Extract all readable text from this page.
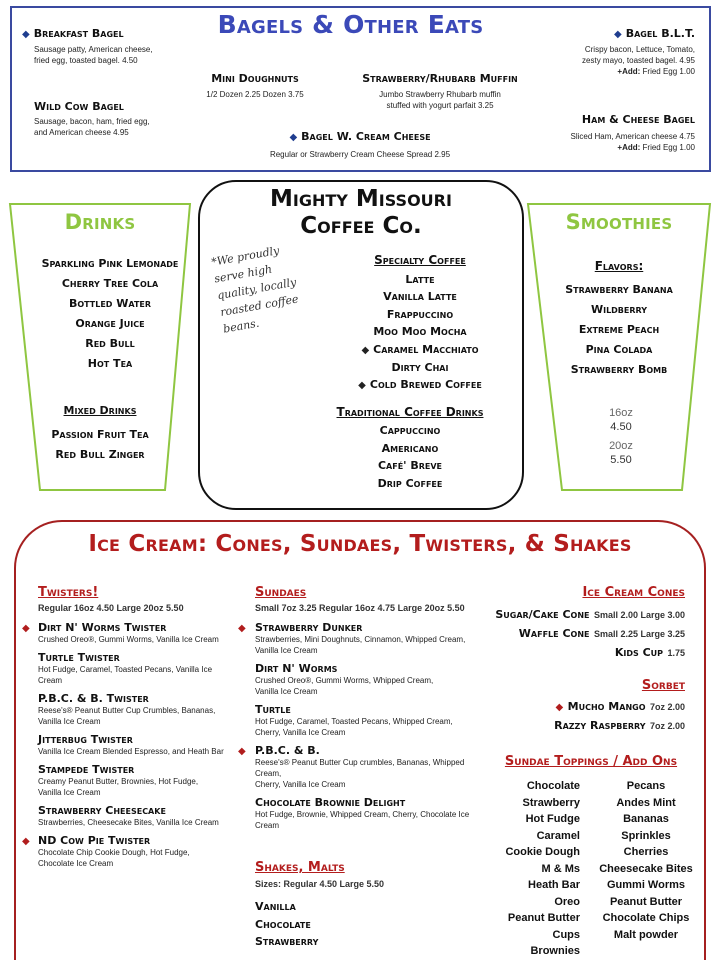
Bagels & Other Eats
◆ Breakfast Bagel
Sausage patty, American cheese,
fried egg, toasted bagel. 4.50
Wild Cow Bagel
Sausage, bacon, ham, fried egg,
and American cheese 4.95
Mini Doughnuts
1/2 Dozen 2.25 Dozen 3.75
Strawberry/Rhubarb Muffin
Jumbo Strawberry Rhubarb muffin
stuffed with yogurt parfait 3.25
◆ Bagel W. Cream Cheese
Regular or Strawberry Cream Cheese Spread 2.95
◆ Bagel B.L.T.
Crispy bacon, Lettuce, Tomato,
zesty mayo, toasted bagel. 4.95
+Add: Fried Egg 1.00
Ham & Cheese Bagel
Sliced Ham, American cheese 4.75
+Add: Fried Egg 1.00
Drinks
Sparkling Pink Lemonade
Cherry Tree Cola
Bottled Water
Orange Juice
Red Bull
Hot Tea
Mixed Drinks
Passion Fruit Tea
Red Bull Zinger
Mighty Missouri
Coffee Co.
*We proudly serve high quality, locally roasted coffee beans.
Specialty Coffee
Latte
Vanilla Latte
Frappuccino
Moo Moo Mocha
◆ Caramel Macchiato
Dirty Chai
◆ Cold Brewed Coffee
Traditional Coffee Drinks
Cappuccino
Americano
Café' Breve
Drip Coffee
Smoothies
Flavors:
Strawberry Banana
Wildberry
Extreme Peach
Pina Colada
Strawberry Bomb
16oz
4.50
20oz
5.50
Ice Cream: Cones, Sundaes, Twisters, & Shakes
Twisters!
Regular 16oz 4.50 Large 20oz 5.50
◆ Dirt N' Worms Twister
Crushed Oreo®, Gummi Worms, Vanilla Ice Cream
Turtle Twister
Hot Fudge, Caramel, Toasted Pecans, Vanilla Ice Cream
P.B.C. & B. Twister
Reese's® Peanut Butter Cup Crumbles, Bananas,
Vanilla Ice Cream
Jitterbug Twister
Vanilla Ice Cream Blended Espresso, and Heath Bar
Stampede Twister
Creamy Peanut Butter, Brownies, Hot Fudge,
Vanilla Ice Cream
Strawberry Cheesecake
Strawberries, Cheesecake Bites, Vanilla Ice Cream
◆ ND Cow Pie Twister
Chocolate Chip Cookie Dough, Hot Fudge,
Chocolate Ice Cream
Sundaes
Small 7oz 3.25 Regular 16oz 4.75 Large 20oz 5.50
◆ Strawberry Dunker
Strawberries, Mini Doughnuts, Cinnamon, Whipped Cream,
Vanilla Ice Cream
Dirt N' Worms
Crushed Oreo®, Gummi Worms, Whipped Cream,
Vanilla Ice Cream
Turtle
Hot Fudge, Caramel, Toasted Pecans, Whipped Cream,
Cherry, Vanilla Ice Cream
◆ P.B.C. & B.
Reese's® Peanut Butter Cup crumbles, Bananas, Whipped Cream,
Cherry, Vanilla Ice Cream
Chocolate Brownie Delight
Hot Fudge, Brownie, Whipped Cream, Cherry, Chocolate Ice Cream
Shakes, Malts
Sizes: Regular 4.50 Large 5.50
Vanilla
Chocolate
Strawberry
Ice Cream Cones
Sugar/Cake Cone Small 2.00 Large 3.00
Waffle Cone Small 2.25 Large 3.25
Kids Cup 1.75
Sorbet
◆ Mucho Mango 7oz 2.00
Razzy Raspberry 7oz 2.00
Sundae Toppings / Add Ons
Chocolate
Strawberry
Hot Fudge
Caramel
Cookie Dough
M & Ms
Heath Bar
Oreo
Peanut Butter Cups
Brownies
Pecans
Andes Mint
Bananas
Sprinkles
Cherries
Cheesecake Bites
Gummi Worms
Peanut Butter
Chocolate Chips
Malt powder
